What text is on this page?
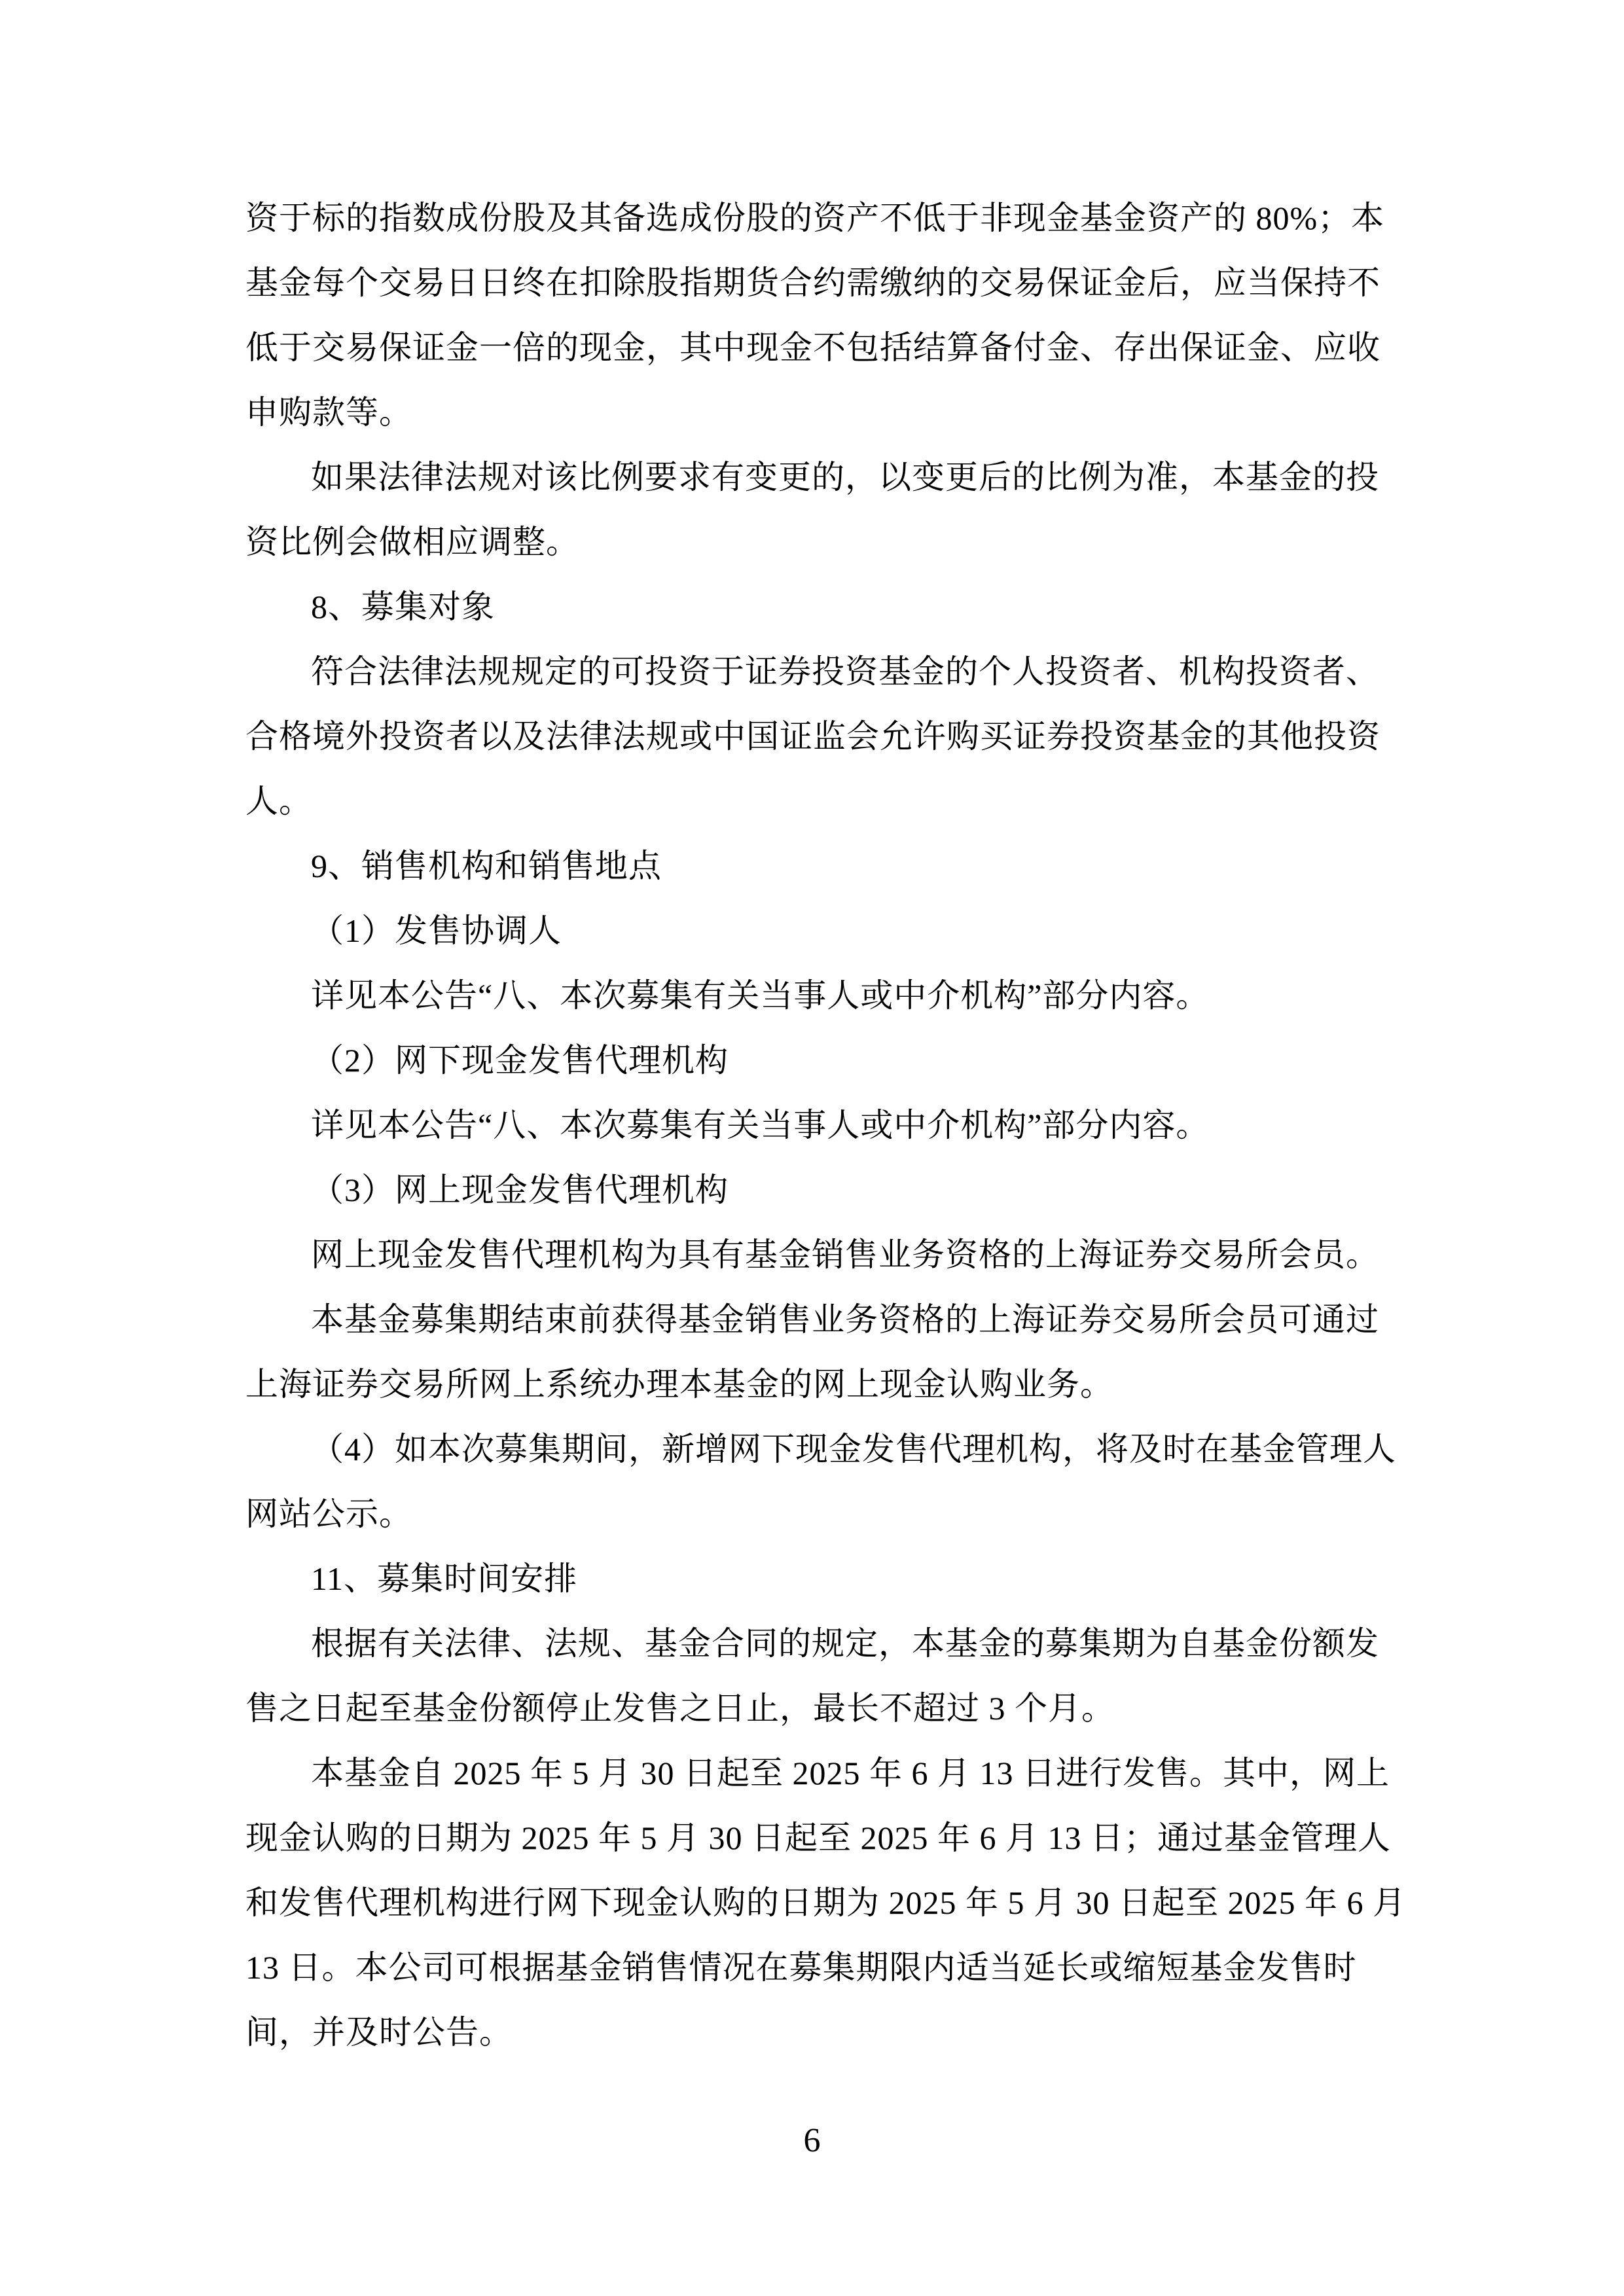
资于标的指数成份股及其备选成份股的资产不低于非现金基金资产的 80%；本
基金每个交易日日终在扣除股指期货合约需缴纳的交易保证金后，应当保持不
低于交易保证金一倍的现金，其中现金不包括结算备付金、存出保证金、应收
申购款等。
如果法律法规对该比例要求有变更的，以变更后的比例为准，本基金的投
资比例会做相应调整。
8、募集对象
符合法律法规规定的可投资于证券投资基金的个人投资者、机构投资者、
合格境外投资者以及法律法规或中国证监会允许购买证券投资基金的其他投资
人。
9、销售机构和销售地点
（1）发售协调人
详见本公告“八、本次募集有关当事人或中介机构”部分内容。
（2）网下现金发售代理机构
详见本公告“八、本次募集有关当事人或中介机构”部分内容。
（3）网上现金发售代理机构
网上现金发售代理机构为具有基金销售业务资格的上海证券交易所会员。
本基金募集期结束前获得基金销售业务资格的上海证券交易所会员可通过
上海证券交易所网上系统办理本基金的网上现金认购业务。
（4）如本次募集期间，新增网下现金发售代理机构，将及时在基金管理人
网站公示。
11、募集时间安排
根据有关法律、法规、基金合同的规定，本基金的募集期为自基金份额发
售之日起至基金份额停止发售之日止，最长不超过 3 个月。
本基金自 2025 年 5 月 30 日起至 2025 年 6 月 13 日进行发售。其中，网上
现金认购的日期为 2025 年 5 月 30 日起至 2025 年 6 月 13 日；通过基金管理人
和发售代理机构进行网下现金认购的日期为 2025 年 5 月 30 日起至 2025 年 6 月
13 日。本公司可根据基金销售情况在募集期限内适当延长或缩短基金发售时
间，并及时公告。
6
